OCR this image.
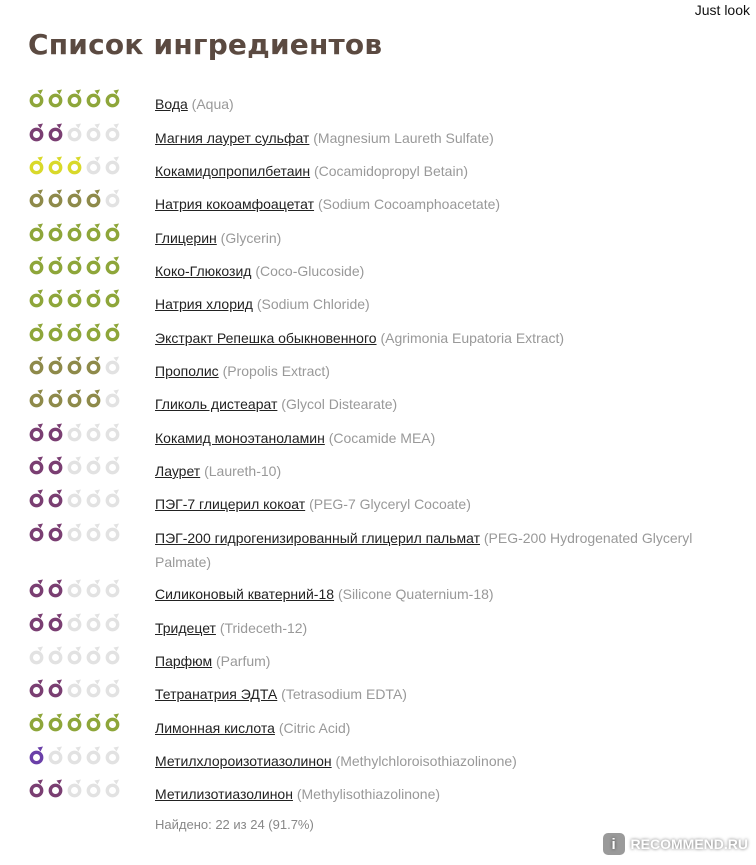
Just look
Список ингредиентов
Вода (Aqua)
Магния лаурет сульфат (Magnesium Laureth Sulfate)
Кокамидопропилбетаин (Cocamidopropyl Betain)
Натрия кокоамфоацетат (Sodium Cocoamphoacetate)
Глицерин (Glycerin)
Коко-Глюкозид (Coco-Glucoside)
Натрия хлорид (Sodium Chloride)
Экстракт Репешка обыкновенного (Agrimonia Eupatoria Extract)
Прополис (Propolis Extract)
Гликоль дистеарат (Glycol Distearate)
Кокамид моноэтаноламин (Cocamide MEA)
Лаурет (Laureth-10)
ПЭГ-7 глицерил кокоат (PEG-7 Glyceryl Cocoate)
ПЭГ-200 гидрогенизированный глицерил пальмат (PEG-200 Hydrogenated Glyceryl Palmate)
Силиконовый кватерний-18 (Silicone Quaternium-18)
Тридецет (Trideceth-12)
Парфюм (Parfum)
Тетранатрия ЭДТА (Tetrasodium EDTA)
Лимонная кислота (Citric Acid)
Метилхлороизотиазолинон (Methylchloroisothiazolinone)
Метилизотиазолинон (Methylisothiazolinone)
Найдено: 22 из 24 (91.7%)
i	RECOMMEND.RU
